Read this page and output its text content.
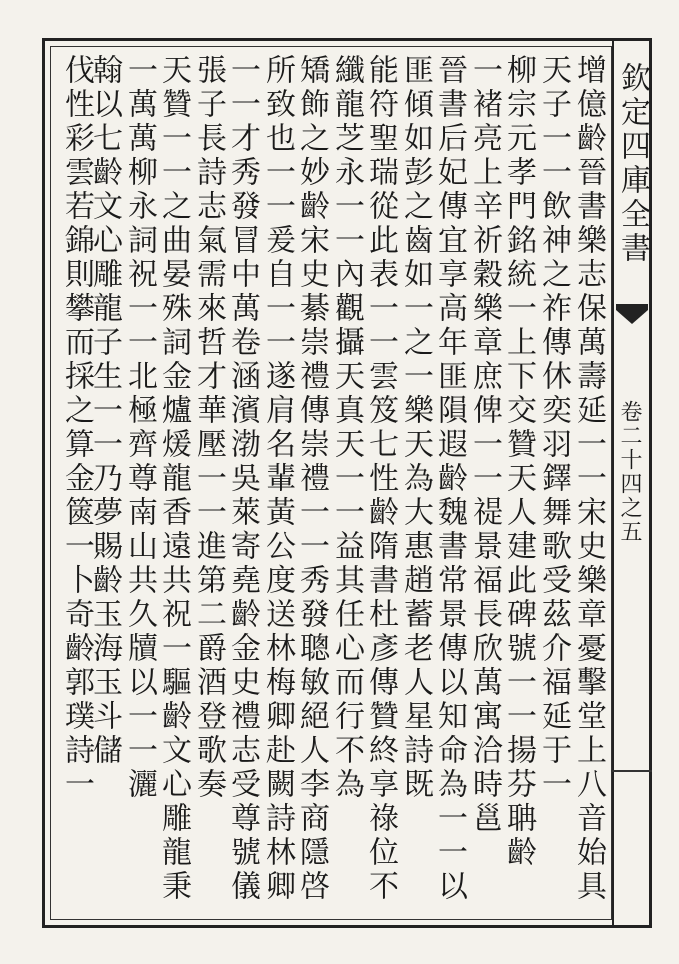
欽定四庫全書
卷二十四之五
增億齡晉書樂志保萬壽延一一宋史樂章憂擊堂上八音始具
天子一一飲神之祚傳休奕羽鐸舞歌受茲介福延于一
柳宗元孝門銘統一上下交贊天人建此碑號一一揚芬聃齡
一褚亮上辛祈穀樂章庶俾一一禔景福長欣萬寓洽時邕
晉書后妃傳宜享高年匪隕遐齡魏書常景傳以知命為一一以
匪傾如彭之齒如一之一樂天為大惠趙蓄老人星詩既
能符聖瑞從此表一一雲笈七性齡隋書杜彥傳贊終享祿位不
纖龍芝永一一內觀攝天真天一一益其任心而行不為
矯飾之妙齡宋史綦崇禮傳崇禮一一秀發聰敏絕人李商隱啓
所致也一一爰自一一遂肩名輩黃公度送林梅卿赴闕詩林卿
一一才秀發冒中萬卷涵濱渤吳萊寄堯齡金史禮志受尊號儀
張子長詩志氣需來哲才華壓一一進第二爵酒登歌奏
天贊一一之曲晏殊詞金爐煖龍香遠共祝一驅齡文心雕龍秉
一萬萬柳永詞祝一一北極齊尊南山共久牘以一一灑
翰以七齡文心雕龍子生一一乃夢賜齡玉海玉斗儲
伐性彩雲若錦則攀而採之算金篋一卜奇齡郭璞詩一
